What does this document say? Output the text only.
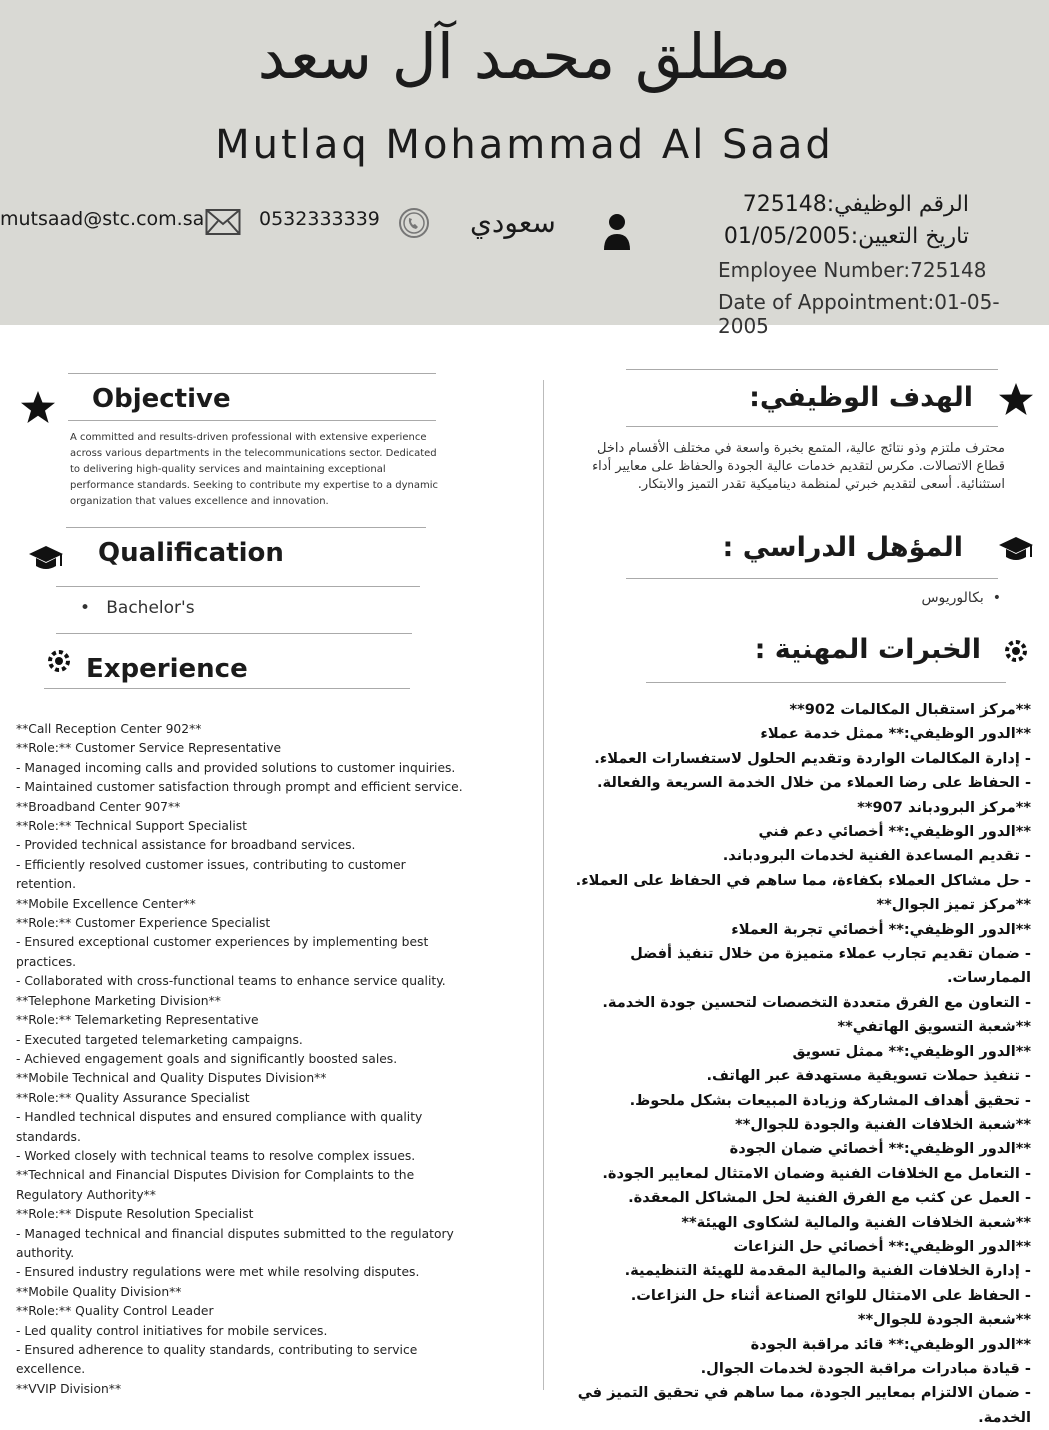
مطلق محمد آل سعد
Mutlaq Mohammad Al Saad
mutsaad@stc.com.sa	0532333339	سعودي
الرقم الوظيفي:725148
تاريخ التعيين:01/05/2005
Employee Number:725148
Date of Appointment:01-05-2005
Objective
A committed and results-driven professional with extensive experience across various departments in the telecommunications sector. Dedicated to delivering high-quality services and maintaining exceptional performance standards. Seeking to contribute my expertise to a dynamic organization that values excellence and innovation.
Qualification
•   Bachelor's
Experience
**Call Reception Center 902**
**Role:** Customer Service Representative
- Managed incoming calls and provided solutions to customer inquiries.
- Maintained customer satisfaction through prompt and efficient service.
**Broadband Center 907**
**Role:** Technical Support Specialist
- Provided technical assistance for broadband services.
- Efficiently resolved customer issues, contributing to customer
retention.
**Mobile Excellence Center**
**Role:** Customer Experience Specialist
- Ensured exceptional customer experiences by implementing best
practices.
- Collaborated with cross-functional teams to enhance service quality.
**Telephone Marketing Division**
**Role:** Telemarketing Representative
- Executed targeted telemarketing campaigns.
- Achieved engagement goals and significantly boosted sales.
**Mobile Technical and Quality Disputes Division**
**Role:** Quality Assurance Specialist
- Handled technical disputes and ensured compliance with quality
standards.
- Worked closely with technical teams to resolve complex issues.
**Technical and Financial Disputes Division for Complaints to the
Regulatory Authority**
**Role:** Dispute Resolution Specialist
- Managed technical and financial disputes submitted to the regulatory
authority.
- Ensured industry regulations were met while resolving disputes.
**Mobile Quality Division**
**Role:** Quality Control Leader
- Led quality control initiatives for mobile services.
- Ensured adherence to quality standards, contributing to service
excellence.
**VVIP Division**
الهدف الوظيفي:
محترف ملتزم وذو نتائج عالية، المتمع بخبرة واسعة في مختلف الأقسام داخل قطاع الاتصالات. مكرس لتقديم خدمات عالية الجودة والحفاظ على معايير أداء استثنائية. أسعى لتقديم خبرتي لمنظمة ديناميكية تقدر التميز والابتكار.
المؤهل الدراسي :
•  بكالوريوس
الخبرات المهنية :
**مركز استقبال المكالمات 902**
**الدور الوظيفي:** ممثل خدمة عملاء
- إدارة المكالمات الواردة وتقديم الحلول لاستفسارات العملاء.
- الحفاظ على رضا العملاء من خلال الخدمة السريعة والفعالة.
**مركز البرودباند 907**
**الدور الوظيفي:** أخصائي دعم فني
- تقديم المساعدة الفنية لخدمات البرودباند.
- حل مشاكل العملاء بكفاءة، مما ساهم في الحفاظ على العملاء.
**مركز تميز الجوال**
**الدور الوظيفي:** أخصائي تجربة العملاء
- ضمان تقديم تجارب عملاء متميزة من خلال تنفيذ أفضل
الممارسات.
- التعاون مع الفرق متعددة التخصصات لتحسين جودة الخدمة.
**شعبة التسويق الهاتفي**
**الدور الوظيفي:** ممثل تسويق
- تنفيذ حملات تسويقية مستهدفة عبر الهاتف.
- تحقيق أهداف المشاركة وزيادة المبيعات بشكل ملحوظ.
**شعبة الخلافات الفنية والجودة للجوال**
**الدور الوظيفي:** أخصائي ضمان الجودة
- التعامل مع الخلافات الفنية وضمان الامتثال لمعايير الجودة.
- العمل عن كثب مع الفرق الفنية لحل المشاكل المعقدة.
**شعبة الخلافات الفنية والمالية لشكاوى الهيئة**
**الدور الوظيفي:** أخصائي حل النزاعات
- إدارة الخلافات الفنية والمالية المقدمة للهيئة التنظيمية.
- الحفاظ على الامتثال للوائح الصناعة أثناء حل النزاعات.
**شعبة الجودة للجوال**
**الدور الوظيفي:** قائد مراقبة الجودة
- قيادة مبادرات مراقبة الجودة لخدمات الجوال.
- ضمان الالتزام بمعايير الجودة، مما ساهم في تحقيق التميز في
الخدمة.
